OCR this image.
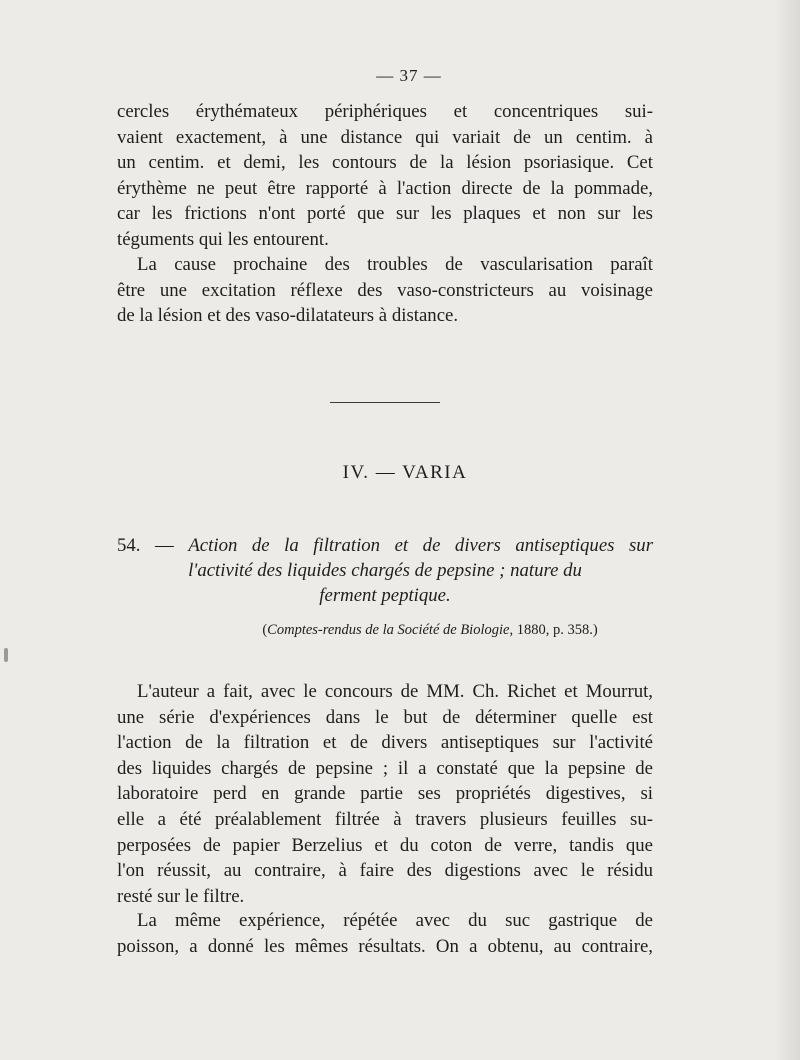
— 37 —

cercles érythémateux périphériques et concentriques sui-
vaient exactement, à une distance qui variait de un centim. à
un centim. et demi, les contours de la lésion psoriasique. Cet
érythème ne peut être rapporté à l'action directe de la pommade,
car les frictions n'ont porté que sur les plaques et non sur les
téguments qui les entourent.

La cause prochaine des troubles de vascularisation paraît
être une excitation réflexe des vaso-constricteurs au voisinage
de la lésion et des vaso-dilatateurs à distance.

IV. — VARIA
54. — Action de la filtration et de divers antiseptiques sur
l'activité des liquides chargés de pepsine ; nature du
ferment peptique.
(Comptes-rendus de la Société de Biologie, 1880, p. 358.)

L'auteur a fait, avec le concours de MM. Ch. Richet et Mourrut,
une série d'expériences dans le but de déterminer quelle est
l'action de la filtration et de divers antiseptiques sur l'activité
des liquides chargés de pepsine ; il a constaté que la pepsine de
laboratoire perd en grande partie ses propriétés digestives, si
elle a été préalablement filtrée à travers plusieurs feuilles su-
perposées de papier Berzelius et du coton de verre, tandis que
l'on réussit, au contraire, à faire des digestions avec le résidu
resté sur le filtre.

La même expérience, répétée avec du suc gastrique de
poisson, a donné les mêmes résultats. On a obtenu, au contraire,
